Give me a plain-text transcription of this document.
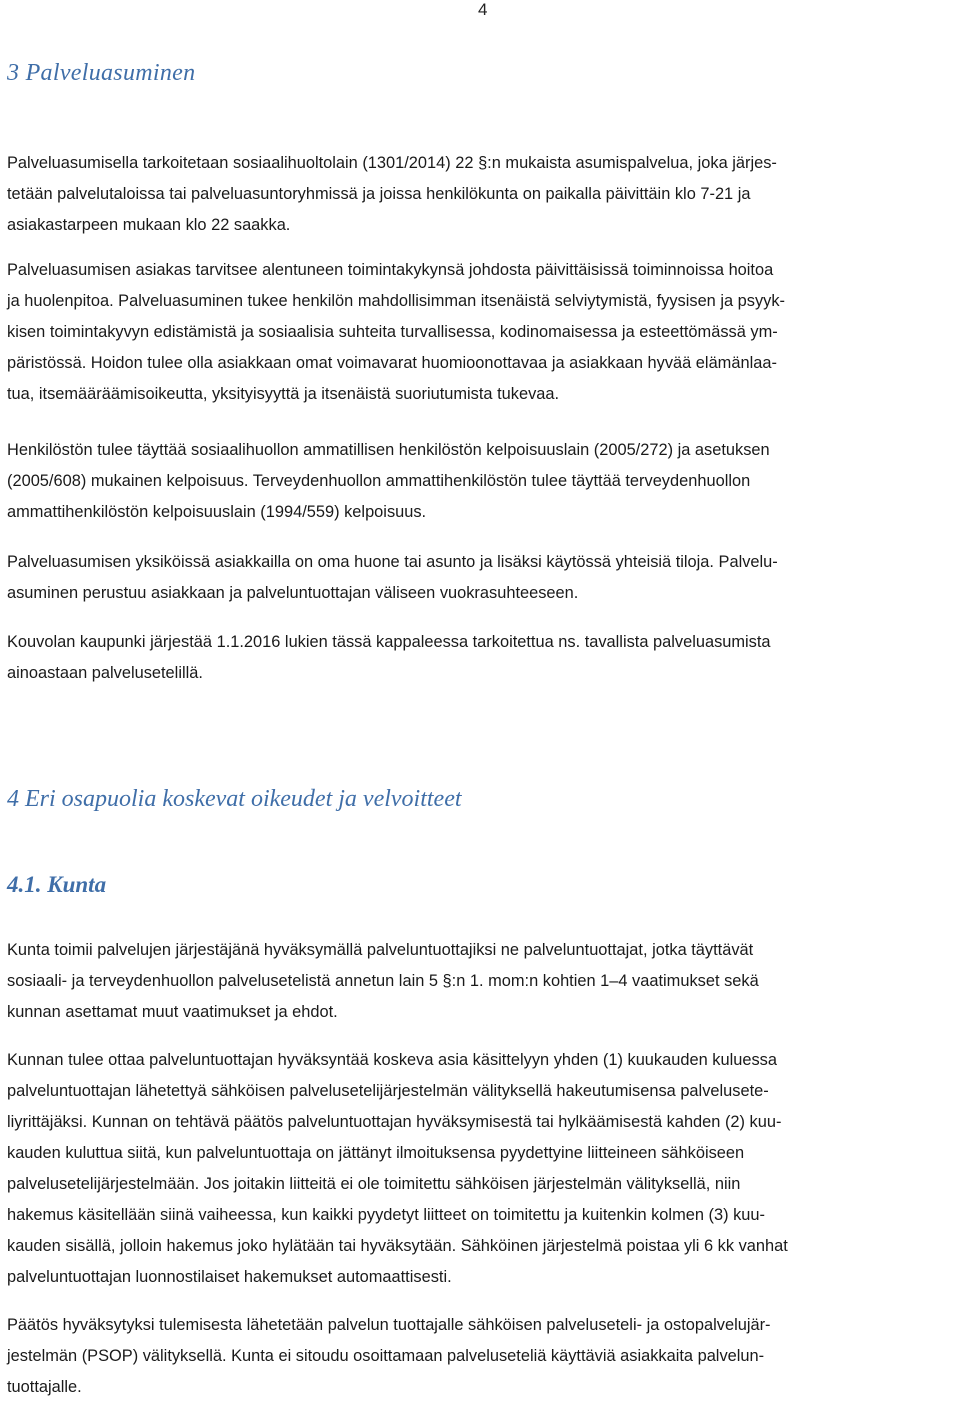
4
3 Palveluasuminen

Palveluasumisella tarkoitetaan sosiaalihuoltolain (1301/2014) 22 §:n mukaista asumispalvelua, joka järjes-
tetään palvelutaloissa tai palveluasuntoryhmissä ja joissa henkilökunta on paikalla päivittäin klo 7-21 ja
asiakastarpeen mukaan klo 22 saakka.

Palveluasumisen asiakas tarvitsee alentuneen toimintakykynsä johdosta päivittäisissä toiminnoissa hoitoa
ja huolenpitoa. Palveluasuminen tukee henkilön mahdollisimman itsenäistä selviytymistä, fyysisen ja psyyk-
kisen toimintakyvyn edistämistä ja sosiaalisia suhteita turvallisessa, kodinomaisessa ja esteettömässä ym-
päristössä. Hoidon tulee olla asiakkaan omat voimavarat huomioonottavaa ja asiakkaan hyvää elämänlaa-
tua, itsemääräämisoikeutta, yksityisyyttä ja itsenäistä suoriutumista tukevaa.

Henkilöstön tulee täyttää sosiaalihuollon ammatillisen henkilöstön kelpoisuuslain (2005/272) ja asetuksen
(2005/608) mukainen kelpoisuus. Terveydenhuollon ammattihenkilöstön tulee täyttää terveydenhuollon
ammattihenkilöstön kelpoisuuslain (1994/559) kelpoisuus.

Palveluasumisen yksiköissä asiakkailla on oma huone tai asunto ja lisäksi käytössä yhteisiä tiloja. Palvelu-
asuminen perustuu asiakkaan ja palveluntuottajan väliseen vuokrasuhteeseen.

Kouvolan kaupunki järjestää 1.1.2016 lukien tässä kappaleessa tarkoitettua ns. tavallista palveluasumista
ainoastaan palvelusetelillä.

4 Eri osapuolia koskevat oikeudet ja velvoitteet
4.1. Kunta

Kunta toimii palvelujen järjestäjänä hyväksymällä palveluntuottajiksi ne palveluntuottajat, jotka täyttävät
sosiaali- ja terveydenhuollon palvelusetelistä annetun lain 5 §:n 1. mom:n kohtien 1–4 vaatimukset sekä
kunnan asettamat muut vaatimukset ja ehdot.

Kunnan tulee ottaa palveluntuottajan hyväksyntää koskeva asia käsittelyyn yhden (1) kuukauden kuluessa
palveluntuottajan lähetettyä sähköisen palvelusetelijärjestelmän välityksellä hakeutumisensa palvelusete-
liyrittäjäksi. Kunnan on tehtävä päätös palveluntuottajan hyväksymisestä tai hylkäämisestä kahden (2) kuu-
kauden kuluttua siitä, kun palveluntuottaja on jättänyt ilmoituksensa pyydettyine liitteineen sähköiseen
palvelusetelijärjestelmään. Jos joitakin liitteitä ei ole toimitettu sähköisen järjestelmän välityksellä, niin
hakemus käsitellään siinä vaiheessa, kun kaikki pyydetyt liitteet on toimitettu ja kuitenkin kolmen (3) kuu-
kauden sisällä, jolloin hakemus joko hylätään tai hyväksytään. Sähköinen järjestelmä poistaa yli 6 kk vanhat
palveluntuottajan luonnostilaiset hakemukset automaattisesti.

Päätös hyväksytyksi tulemisesta lähetetään palvelun tuottajalle sähköisen palveluseteli- ja ostopalvelujär-
jestelmän (PSOP) välityksellä. Kunta ei sitoudu osoittamaan palveluseteliä käyttäviä asiakkaita palvelun-
tuottajalle.
